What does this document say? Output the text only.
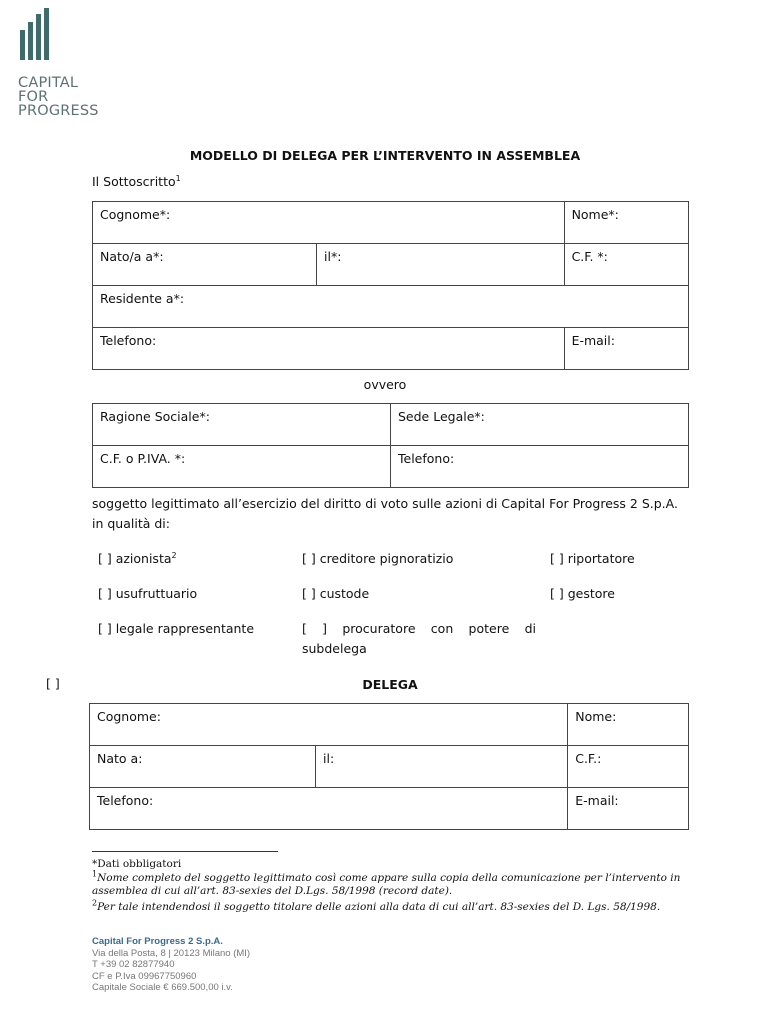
CAPITAL
FOR
PROGRESS
MODELLO DI DELEGA PER L’INTERVENTO IN ASSEMBLEA
Il Sottoscritto$^1$
Cognome*:		Nome*:
Nato/a a*:	il*:	C.F. *:
Residente a*:		
Telefono:		E-mail:
ovvero
Ragione Sociale*:	Sede Legale*:
C.F. o P.IVA. *:	Telefono:
soggetto legittimato all’esercizio del diritto di voto sulle azioni di Capital For Progress 2 S.p.A. in qualità di:
[ ] azionista$^2$	[ ] creditore pignoratizio	[ ] riportatore
[ ] usufruttuario	[ ] custode	[ ] gestore
[ ] legale rappresentante	[ ] procuratore con potere di
subdelega
[ ]	DELEGA
Cognome:		Nome:
Nato a:	il:	C.F.:
Telefono:		E-mail:
*Dati obbligatori
$^1$Nome completo del soggetto legittimato così come appare sulla copia della comunicazione per l’intervento in assemblea di cui all’art. 83-sexies del D.Lgs. 58/1998 (record date).
$^2$Per tale intendendosi il soggetto titolare delle azioni alla data di cui all’art. 83-sexies del D. Lgs. 58/1998.
Capital For Progress 2 S.p.A.
Via della Posta, 8 | 20123 Milano (MI)
T +39 02 82877940
CF e P.Iva 09967750960
Capitale Sociale € 669.500,00 i.v.
